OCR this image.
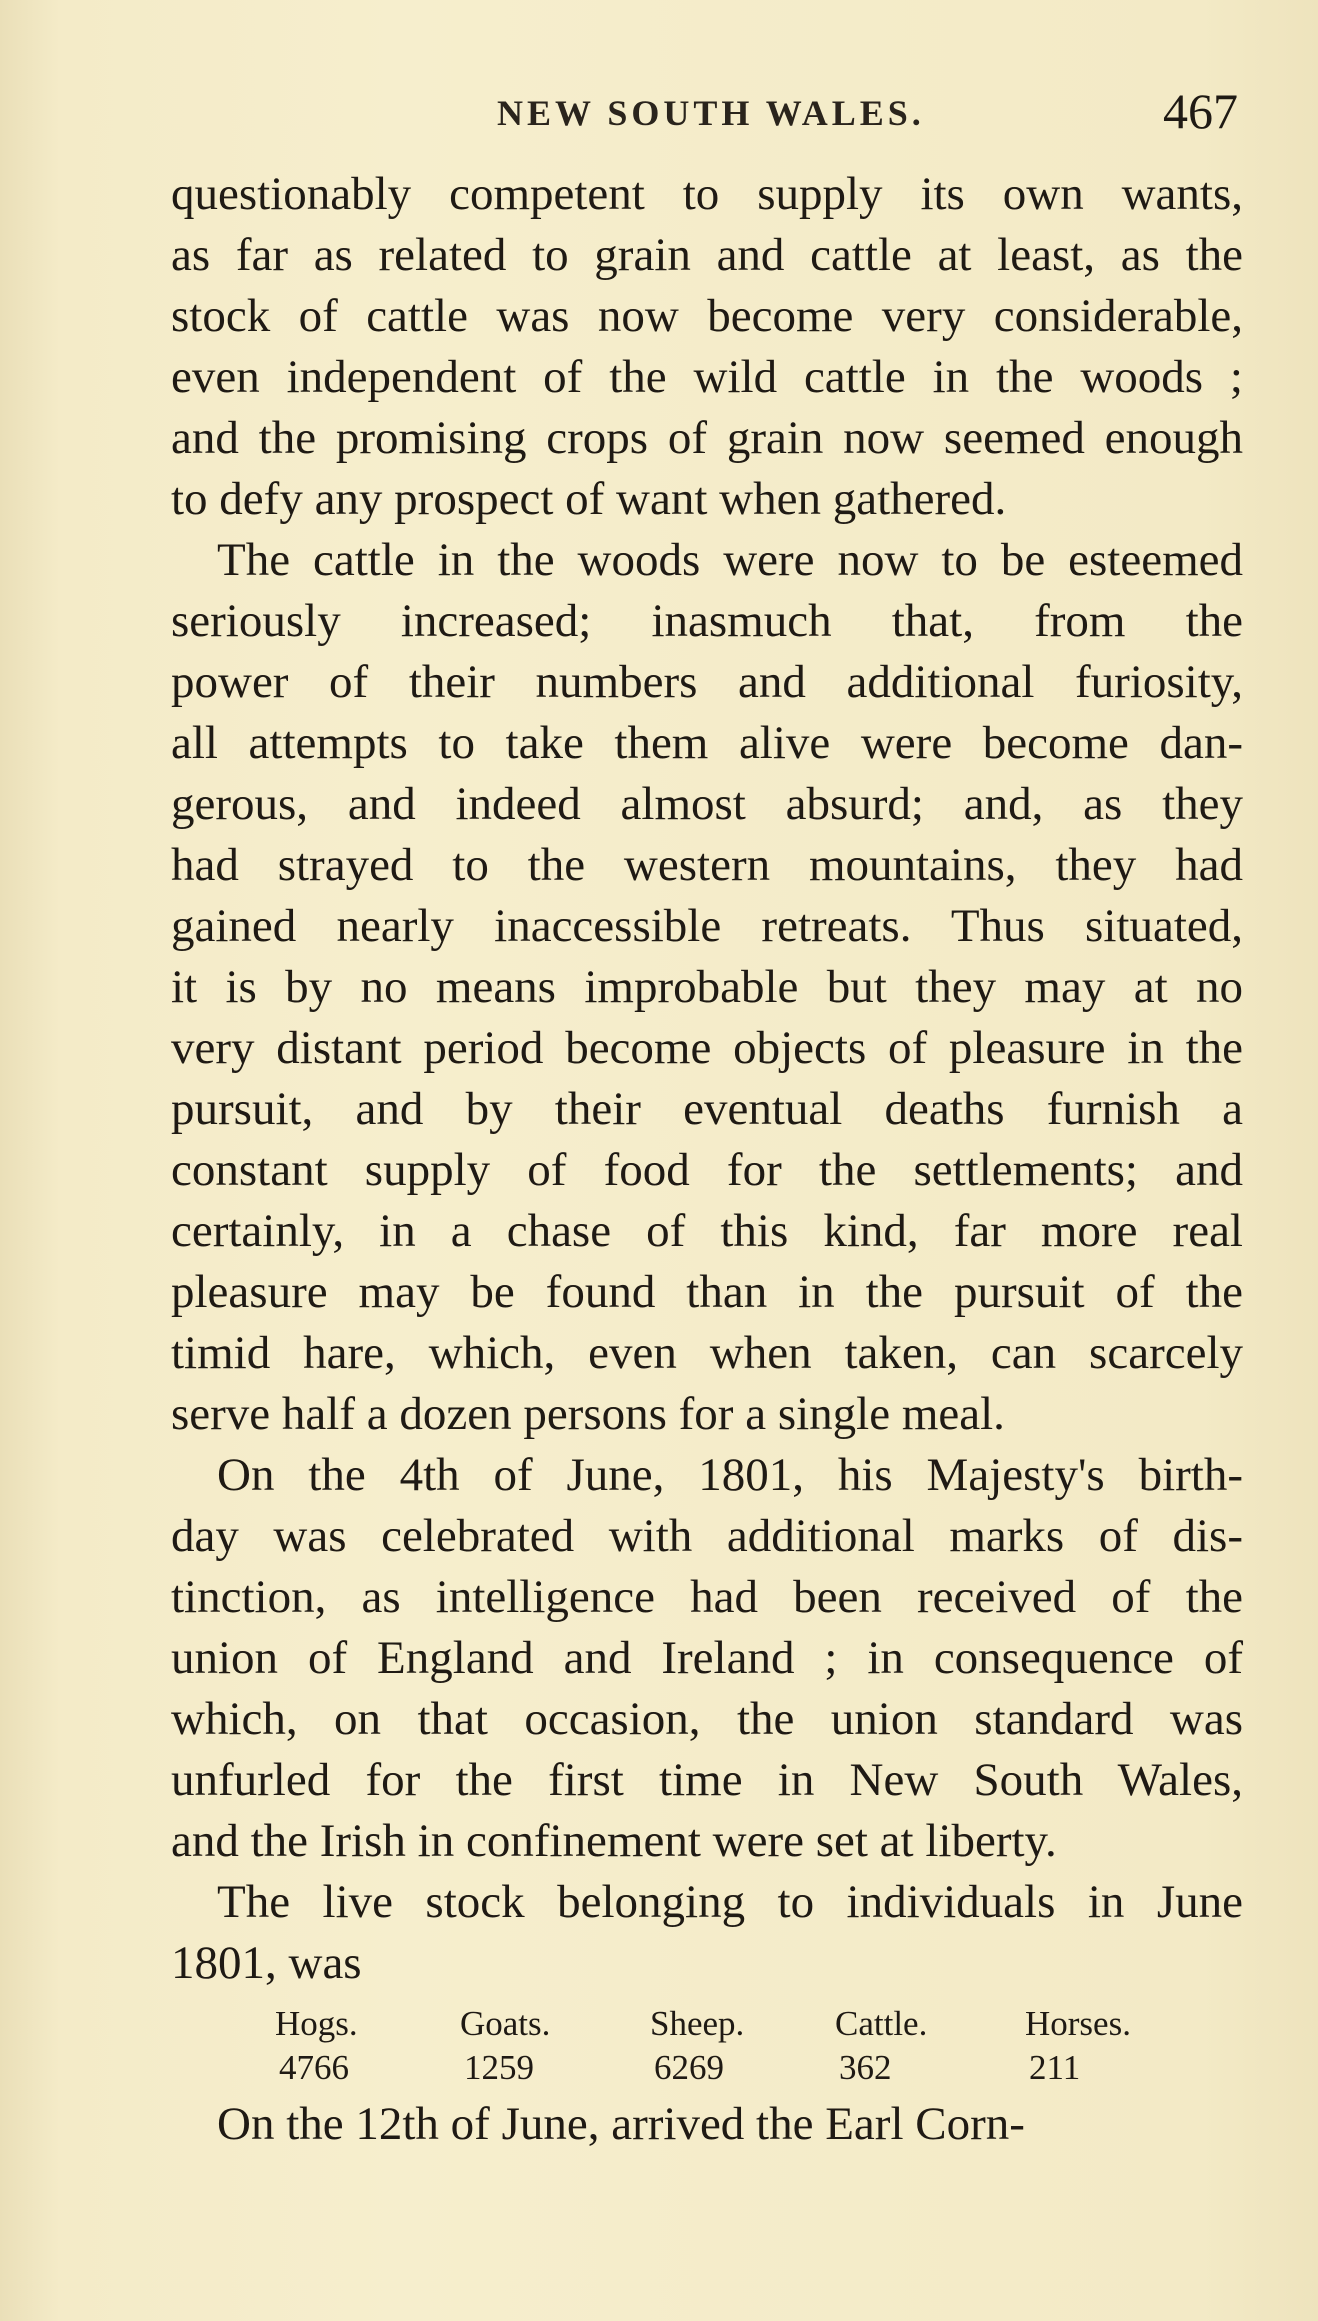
NEW SOUTH WALES.	467
questionably competent to supply its own wants,
as far as related to grain and cattle at least, as the
stock of cattle was now become very considerable,
even independent of the wild cattle in the woods ;
and the promising crops of grain now seemed enough
to defy any prospect of want when gathered.
The cattle in the woods were now to be esteemed
seriously increased; inasmuch that, from the
power of their numbers and additional furiosity,
all attempts to take them alive were become dan-
gerous, and indeed almost absurd; and, as they
had strayed to the western mountains, they had
gained nearly inaccessible retreats. Thus situated,
it is by no means improbable but they may at no
very distant period become objects of pleasure in the
pursuit, and by their eventual deaths furnish a
constant supply of food for the settlements; and
certainly, in a chase of this kind, far more real
pleasure may be found than in the pursuit of the
timid hare, which, even when taken, can scarcely
serve half a dozen persons for a single meal.
On the 4th of June, 1801, his Majesty's birth-
day was celebrated with additional marks of dis-
tinction, as intelligence had been received of the
union of England and Ireland ; in consequence of
which, on that occasion, the union standard was
unfurled for the first time in New South Wales,
and the Irish in confinement were set at liberty.
The live stock belonging to individuals in June
1801, was
Hogs.	Goats.	Sheep.	Cattle.	Horses.
4766	1259	6269	362	211
On the 12th of June, arrived the Earl Corn-
